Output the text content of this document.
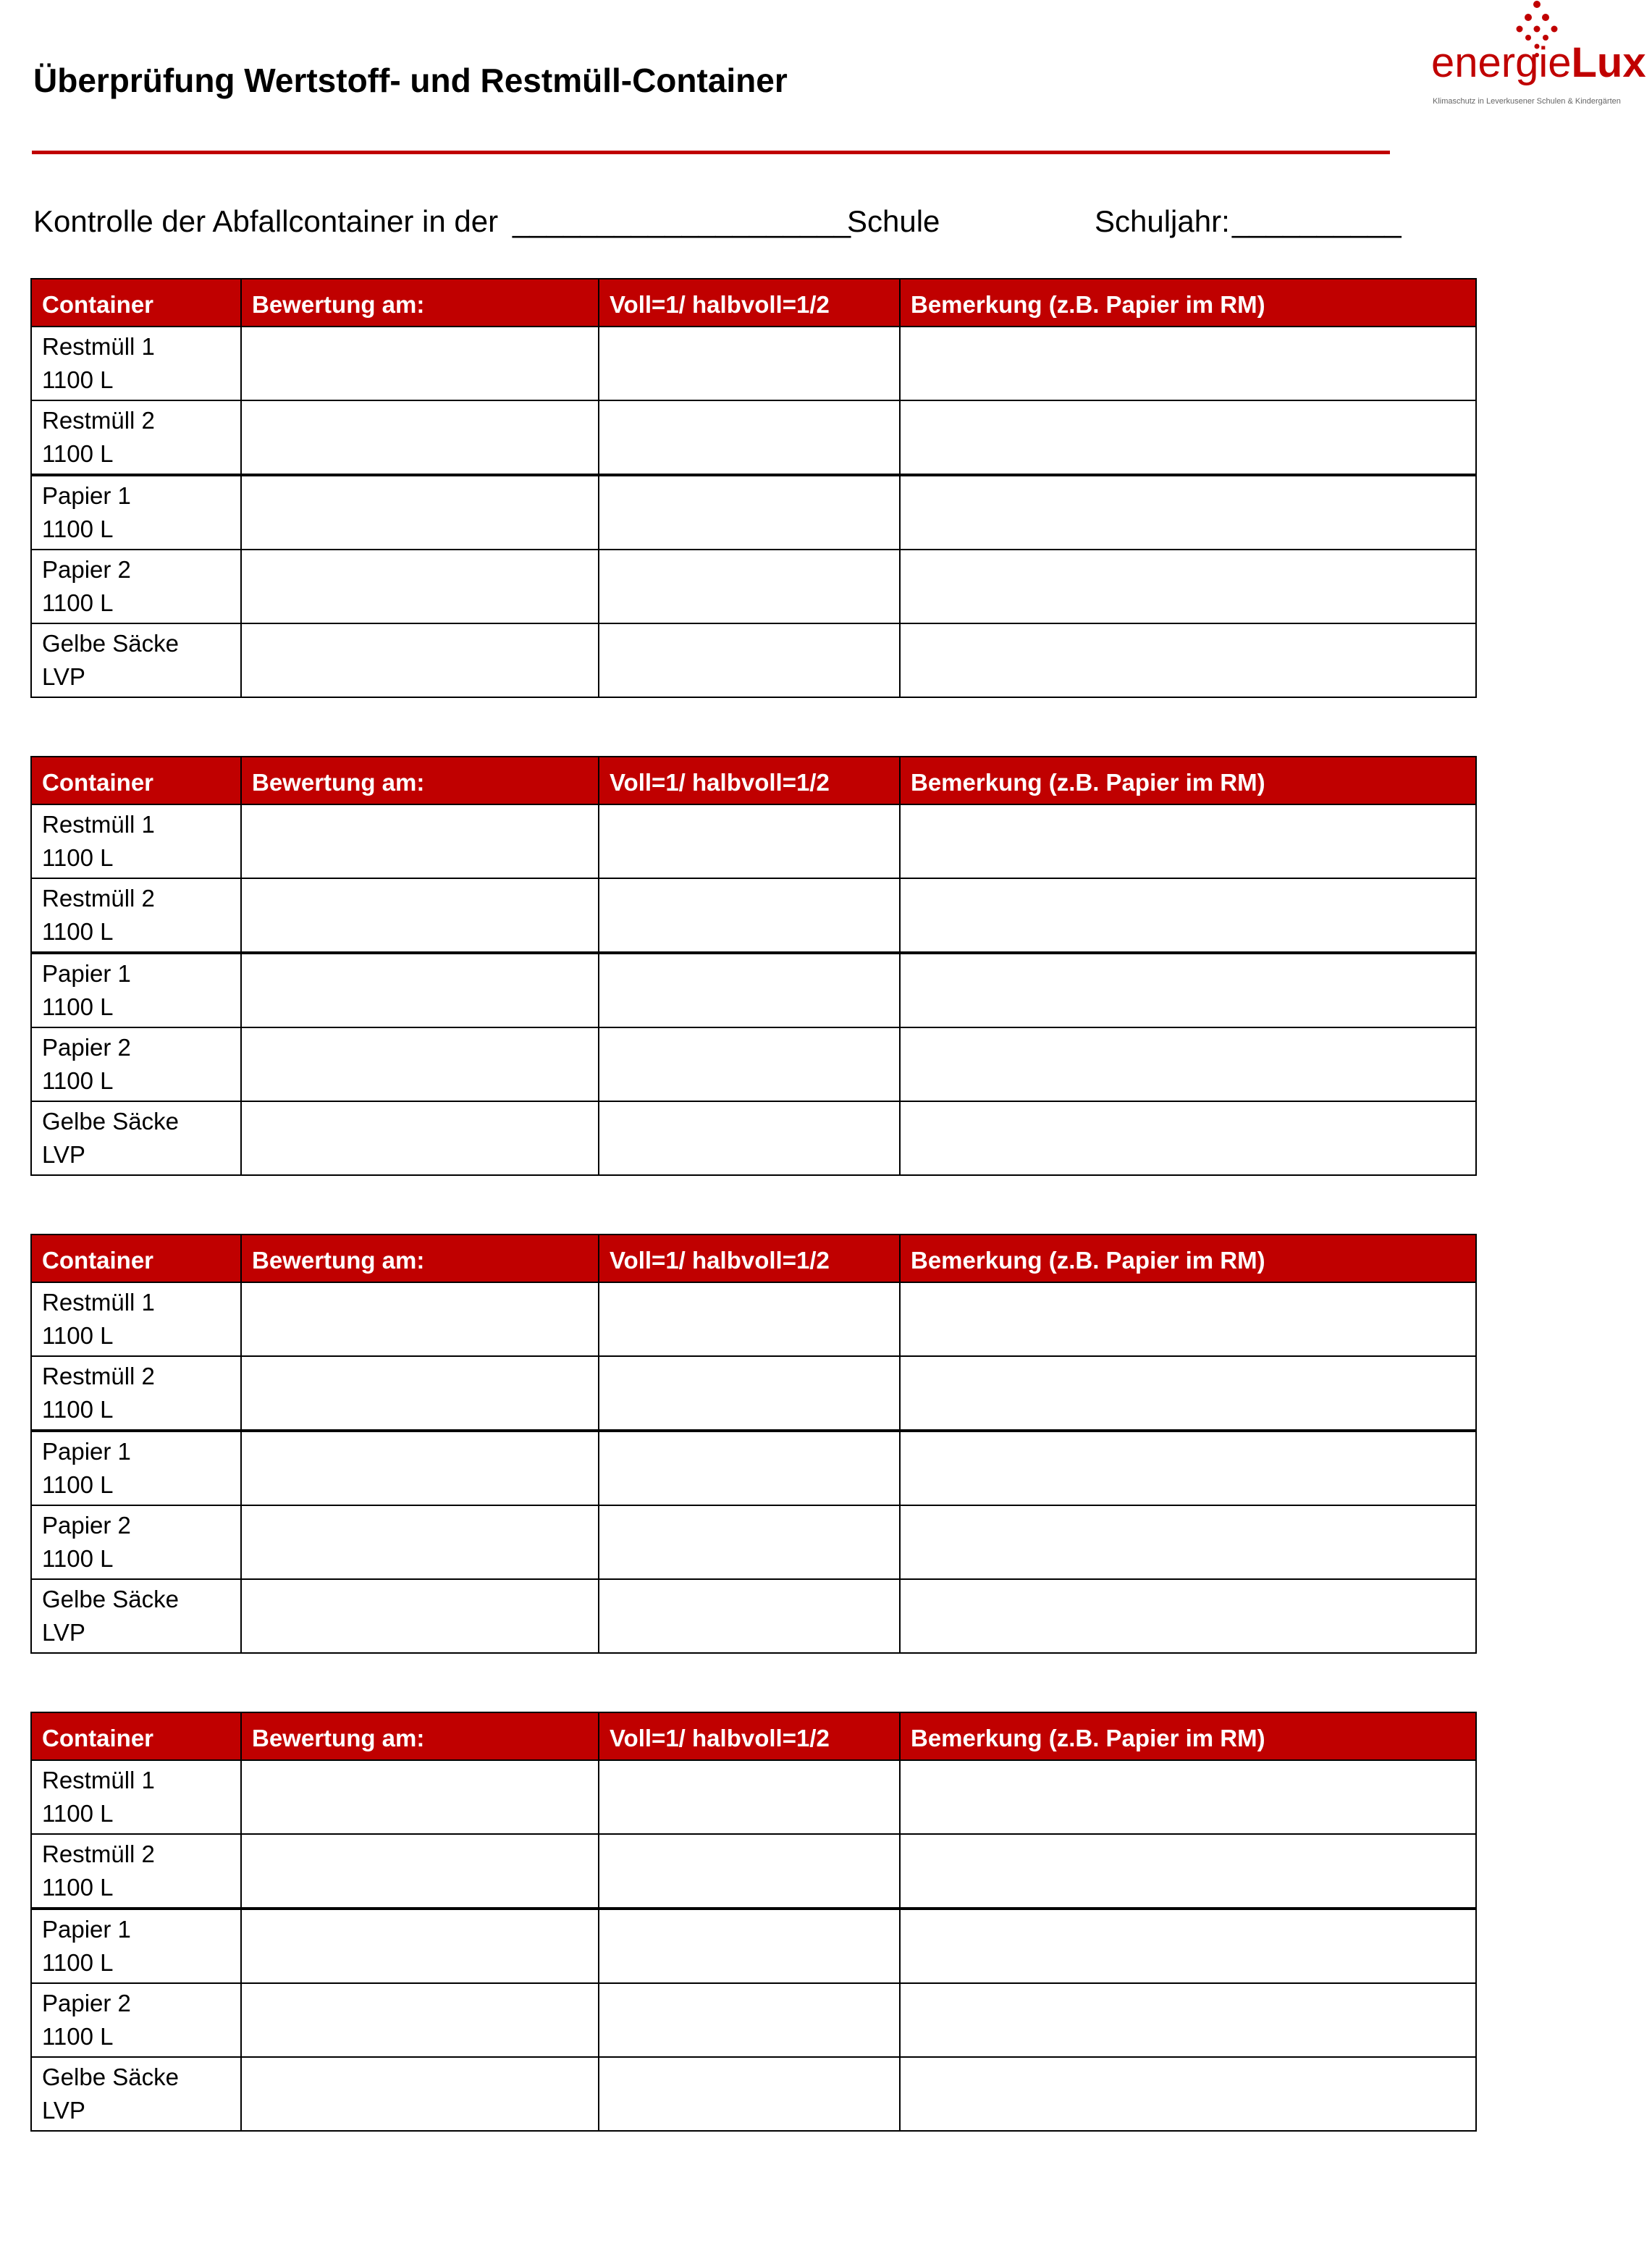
Überprüfung Wertstoff- und Restmüll-Container	energieLux
Klimaschutz in Leverkusener Schulen & Kindergärten

Kontrolle der Abfallcontainer in der

____________________

Schule

	Schuljahr:

__________

Container	Bewertung am:	Voll=1/ halbvoll=1/2	Bemerkung (z.B. Papier im RM)

Restmüll 1
1100 L			

Restmüll 2
1100 L			

Papier 1
1100 L			

Papier 2
1100 L			

Gelbe Säcke
LVP			

Container	Bewertung am:	Voll=1/ halbvoll=1/2	Bemerkung (z.B. Papier im RM)

Restmüll 1
1100 L			

Restmüll 2
1100 L			

Papier 1
1100 L			

Papier 2
1100 L			

Gelbe Säcke
LVP			

Container	Bewertung am:	Voll=1/ halbvoll=1/2	Bemerkung (z.B. Papier im RM)

Restmüll 1
1100 L			

Restmüll 2
1100 L			

Papier 1
1100 L			

Papier 2
1100 L			

Gelbe Säcke
LVP			

Container	Bewertung am:	Voll=1/ halbvoll=1/2	Bemerkung (z.B. Papier im RM)

Restmüll 1
1100 L			

Restmüll 2
1100 L			

Papier 1
1100 L			

Papier 2
1100 L			

Gelbe Säcke
LVP			
